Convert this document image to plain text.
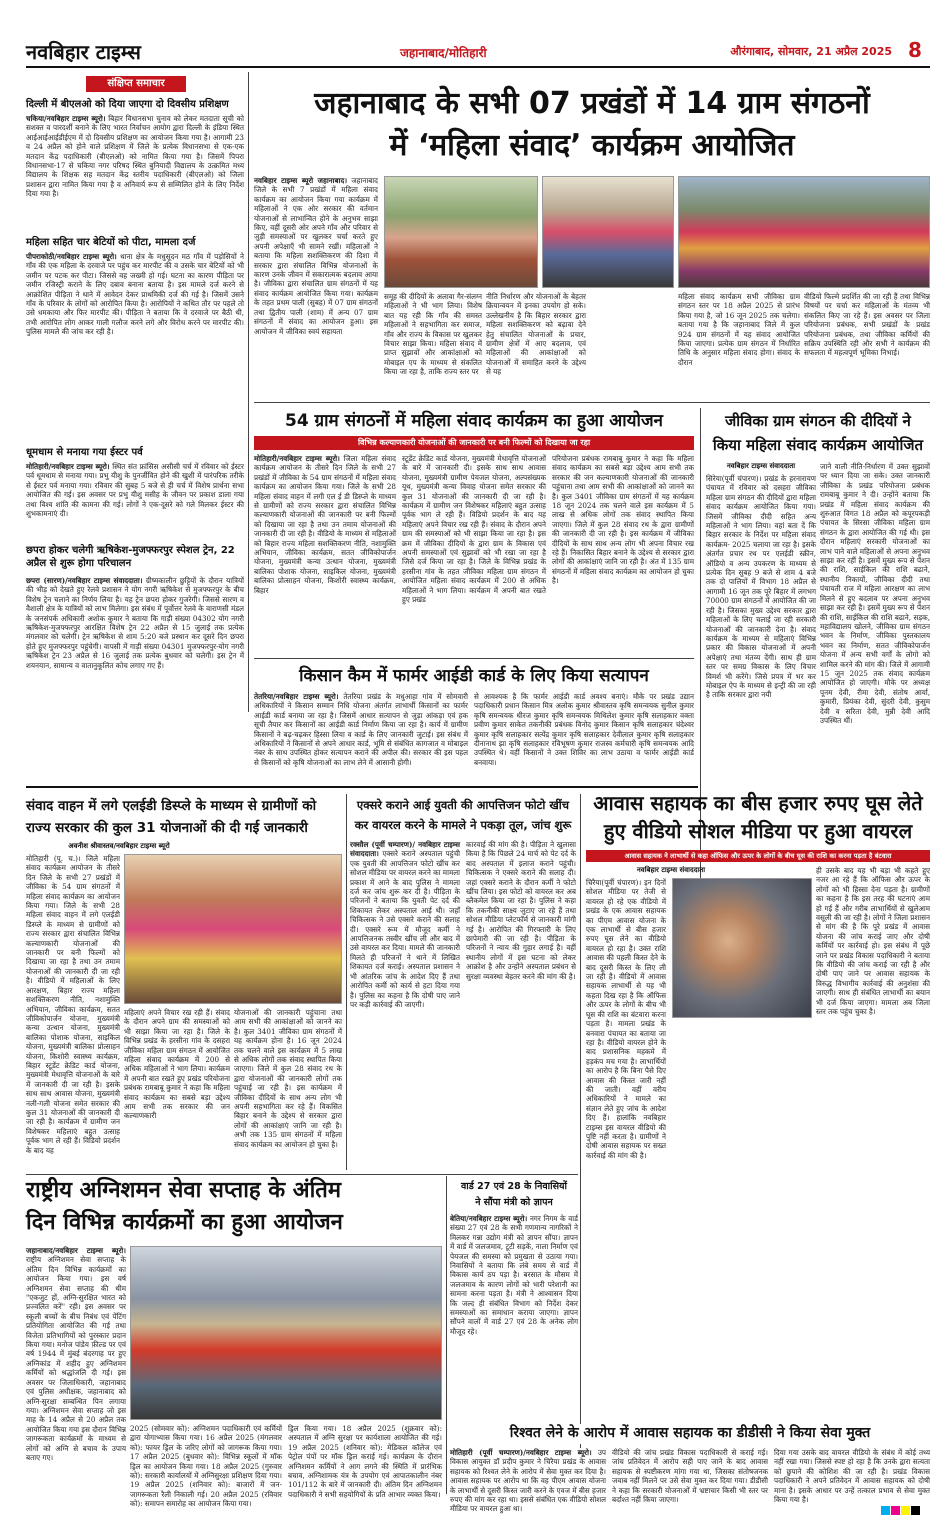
नवबिहार टाइम्स	जहानाबाद/मोतिहारी	औरंगाबाद, सोमवार, 21 अप्रैल 2025 8
संक्षिप्त समाचार
दिल्ली में बीएलओ को दिया जाएगा दो दिवसीय प्रशिक्षण
चकिया/नवबिहार टाइम्स ब्यूरो। बिहार विधानसभा चुनाव को लेकर मतदाता सूची को सशक्त व पारदर्शी बनाने के लिए भारत निर्वाचन आयोग द्वारा दिल्ली के इंडिया स्थित आईआईआईडीईएम में दो दिवसीय प्रशिक्षण का आयोजन किया गया है। आगामी 23 व 24 अप्रैल को होने वाले प्रशिक्षण में जिले के प्रत्येक विधानसभा से एक-एक मतदान केंद्र पदाधिकारी (बीएलओ) को नामित किया गया है। जिसमें पिपरा विधानसभा-17 से चकिया नगर परिषद स्थित बुनियादी विद्यालय के उत्क्रमित मध्य विद्यालय के शिक्षक सह मतदान केंद्र स्तरीय पदाधिकारी (बीएलओ) को जिला प्रशासन द्वारा नामित किया गया है व अनिवार्य रूप से सम्मिलित होने के लिए निर्देश दिया गया है।
महिला सहित चार बेटियों को पीटा, मामला दर्ज
पीपराकोठी/नवबिहार टाइम्स ब्यूरो। थाना क्षेत्र के मधुसूदन मठ गाँव में पड़ोसियों ने गाँव की एक महिला के दरवाजे पर पहुंच कर मारपीट की व उसके चार बेटियों को भी जमीन पर पटक कर पीटा। जिससे वह जख्मी हो गई। घटना का कारण पीड़िता पर जमीन रजिस्ट्री कराने के लिए दबाव बनाना बताया है। इस मामले दर्ज करने से आक्रोशित पीड़िता ने थाने में आवेदन देकर प्राथमिकी दर्ज की गई है। जिसमें उसने गाँव के परिवार के लोगों को आरोपित किया है। आरोपियों ने कथित तौर पर पहले तो उसे धमकाया और फिर मारपीट की। पीड़िता ने बताया कि वे दरवाजे पर बैठी थी, तभी आरोपित लोग आकर गाली गलौज करने लगे और विरोध करने पर मारपीट की। पुलिस मामले की जांच कर रही है।
धूमधाम से मनाया गया ईस्टर पर्व
मोतिहारी/नवबिहार टाइम्स ब्यूरो। स्थित संत फ्रांसिस असीसी चर्च में रविवार को ईस्टर पर्व धूमधाम से मनाया गया। प्रभु यीशु के पुनर्जीवित होने की खुशी में पारंपरिक तरीके से ईस्टर पर्व मनाया गया। रविवार की सुबह 5 बजे से ही चर्च में विशेष प्रार्थना सभा आयोजित की गई। इस अवसर पर प्रभु यीशु मसीह के जीवन पर प्रकाश डाला गया तथा विश्व शांति की कामना की गई। लोगों ने एक-दूसरे को गले मिलकर ईस्टर की शुभकामनाएं दी।
छपरा होकर चलेगी ऋषिकेश-मुजफ्फरपुर स्पेशल ट्रेन, 22 अप्रैल से शुरू होगा परिचालन
छपरा (सारण)/नवबिहार टाइम्स संवाददाता। ग्रीष्मकालीन छुट्टियों के दौरान यात्रियों की भीड़ को देखते हुए रेलवे प्रशासन ने योग नगरी ऋषिकेश से मुजफ्फरपुर के बीच विशेष ट्रेन चलाने का निर्णय लिया है। यह ट्रेन छपरा होकर गुजरेगी। जिससे सारण व वैशाली क्षेत्र के यात्रियों को लाभ मिलेगा। इस संबंध में पूर्वोत्तर रेलवे के वाराणसी मंडल के जनसंपर्क अधिकारी अशोक कुमार ने बताया कि गाड़ी संख्या 04302 योग नगरी ऋषिकेश-मुजफ्फरपुर आरक्षित विशेष ट्रेन 22 अप्रैल से 15 जुलाई तक प्रत्येक मंगलवार को चलेगी। ट्रेन ऋषिकेश से शाम 5:20 बजे प्रस्थान कर दूसरे दिन छपरा होते हुए मुजफ्फरपुर पहुंचेगी। वापसी में गाड़ी संख्या 04301 मुजफ्फरपुर-योग नगरी ऋषिकेश ट्रेन 23 अप्रैल से 16 जुलाई तक प्रत्येक बुधवार को चलेगी। इस ट्रेन में शयनयान, सामान्य व वातानुकूलित कोच लगाए गए हैं।
जहानाबाद के सभी 07 प्रखंडों में 14 ग्राम संगठनों
में ‘महिला संवाद’ कार्यक्रम आयोजित
नवबिहार टाइम्स ब्यूरो जहानाबाद। जहानाबाद जिले के सभी 7 प्रखंडों में महिला संवाद कार्यक्रम का आयोजन किया गया कार्यक्रम में महिलाओं ने एक ओर सरकार की वर्तमान योजनाओं से लाभान्वित होने के अनुभव साझा किए, वहीं दूसरी ओर अपने गाँव और परिवार से जुड़ी समस्याओं पर खुलकर चर्चा करते हुए अपनी अपेक्षाएँ भी सामने रखीं। महिलाओं ने बताया कि महिला सशक्तिकरण की दिशा में सरकार द्वारा संचालित विभिन्न योजनाओं के कारण उनके जीवन में सकारात्मक बदलाव आया है। जीविका द्वारा संचालित ग्राम संगठनों में यह संवाद कार्यक्रम आयोजित किया गया। कार्यक्रम के तहत प्रथम पाली (सुबह) में 07 ग्राम संगठनों तथा द्वितीय पाली (शाम) में अन्य 07 ग्राम संगठनों में संवाद का आयोजन हुआ। इस आयोजन में जीविका स्वयं सहायता
समूह की दीदियों के अलावा गैर-संलग्न महिलाओं ने भी भाग लिया। विशेष बात यह रही कि गाँव की समस्त महिलाओं ने सहभागिता कर समाज, गाँव और राज्य के विकास पर खुलकर विचार साझा किया। महिला संवाद में प्राप्त सुझावों और आकांक्षाओं को मोबाइल एप के माध्यम से संकलित किया जा रहा है, ताकि राज्य स्तर पर
नीति निर्धारण और योजनाओं के बेहतर क्रियान्वयन में इनका उपयोग हो सके। उल्लेखनीय है कि बिहार सरकार द्वारा महिला सशक्तिकरण को बढ़ावा देने हेतु संचालित योजनाओं के प्रचार, ग्रामीण क्षेत्रों में आए बदलाव, एवं महिलाओं की आकांक्षाओं को योजनाओं में समाहित करने के उद्देश्य से यह
महिला संवाद कार्यक्रम सभी जीविका ग्राम संगठन स्तर पर 18 अप्रैल 2025 से प्रारंभ किया गया है, जो 16 जून 2025 तक चलेगा। बताया गया है कि जहानाबाद जिले में कुल 924 ग्राम संगठनों में यह संवाद आयोजित किया जाएगा। प्रत्येक ग्राम संगठन में निर्धारित तिथि के अनुसार महिला संवाद होगा। संवाद के दौरान
वीडियो फिल्मे प्रदर्शित की जा रही हैं तथा विभिन्न विषयों पर चर्चा कर महिलाओं के मंतव्य भी संकलित किए जा रहे हैं। इस अवसर पर जिला परियोजना प्रबंधक, सभी प्रखंडों के प्रखंड परियोजना प्रबंधक, तथा जीविका कर्मियों की सक्रिय उपस्थिति रही और सभी ने कार्यक्रम की सफलता में महत्वपूर्ण भूमिका निभाई।
54 ग्राम संगठनों में महिला संवाद कार्यक्रम का हुआ आयोजन
विभिन्न कल्याणकारी योजनाओं की जानकारी पर बनी फिल्मों को दिखाया जा रहा
मोतिहारी/नवबिहार टाइम्स ब्यूरो। जिला महिला संवाद कार्यक्रम आयोजन के तीसरे दिन जिले के सभी 27 प्रखंडों में जीविका के 54 ग्राम संगठनों में महिला संवाद कार्यक्रम का आयोजन किया गया। जिले के सभी 28 महिला संवाद वाहन में लगी एल ई डी डिस्प्ले के माध्यम से ग्रामीणों को राज्य सरकार द्वारा संचालित विभिन्न कल्याणकारी योजनाओं की जानकारी पर बनी फिल्मों को दिखाया जा रहा है तथा उन तमाम योजनाओं की जानकारी दी जा रही है। वीडियो के माध्यम से महिलाओं को बिहार राज्य महिला सशक्तिकरण नीति, नशामुक्ति अभियान, जीविका कार्यक्रम, सतत जीविकोपार्जन योजना, मुख्यमंत्री कन्या उत्थान योजना, मुख्यमंत्री बालिका पोशाक योजना, साइकिल योजना, मुख्यमंत्री बालिका प्रोत्साहन योजना, किशोरी स्वास्थ्य कार्यक्रम, बिहार
स्टूडेंट क्रेडिट कार्ड योजना, मुख्यमंत्री मेधावृत्ति योजनाओं के बारे में जानकारी दी। इसके साथ साथ आवास योजना, मुख्यमंत्री ग्रामीण पेयजल योजना, अल्पसंख्यक यूथ, मुख्यमंत्री कन्या विवाह योजना समेत सरकार की कुल 31 योजनाओं की जानकारी दी जा रही है। कार्यक्रम में ग्रामीण जन विशेषकर महिलाएं बहुत उत्साह पूर्वक भाग ले रही हैं। विडियो प्रदर्शन के बाद यह महिलाएं अपने विचार रख रही हैं। संवाद के दौरान अपने ग्राम की समस्याओं को भी साझा किया जा रहा है। इस क्रम में जीविका दीदियों के द्वारा ग्राम के विकास एवं अपनी समस्याओं एवं सुझावों को भी रखा जा रहा है जिसे दर्ज किया जा रहा है। जिले के विभिन्न प्रखंड के हरसीना गांव के तहत जीविका महिला ग्राम संगठन में आयोजित महिला संवाद कार्यक्रम में 200 से अधिक महिलाओं ने भाग लिया। कार्यक्रम में अपनी बात रखते हुए प्रखंड
परियोजना प्रबंधक रामबाबू कुमार ने कहा कि महिला संवाद कार्यक्रम का सबसे बड़ा उद्देश्य आम सभी तक सरकार की जन कल्याणकारी योजनाओं की जानकारी पहुंचाना तथा आम सभी की आकांक्षाओं को जानने का है। कुल 3401 जीविका ग्राम संगठनों में यह कार्यक्रम 18 जून 2024 तक चलने वाले इस कार्यक्रम में 5 लाख से अधिक लोगों तक संवाद स्थापित किया जाएगा। जिले में कुल 28 संवाद रथ के द्वारा ग्रामीणों की जानकारी दी जा रही है। इस कार्यक्रम में जीविका दीदियों के साथ साथ अन्य लोग भी अपना विचार रख रहे हैं। निकासित बिहार बनाने के उद्देश्य से सरकार द्वारा लोगों की आकांक्षाएं जानि जा रही है। अंत में 135 ग्राम संगठनों में महिला संवाद कार्यक्रम का आयोजन हो चुका है।
जीविका ग्राम संगठन की दीदियों ने
किया महिला संवाद कार्यक्रम आयोजित
नवबिहार टाइम्स संवाददाता
सिरेया(पूर्वी चंपारण)। प्रखंड के हरनारायण पंचायत में रविवार को दसहरा जीविका महिला ग्राम संगठन की दीदियों द्वारा महिला संवाद कार्यक्रम आयोजित किया गया। जिसमें जीविका दीदी सहित अन्य महिलाओं ने भाग लिया। वहां बता दें कि बिहार सरकार के निर्देश पर महिला संवाद कार्यक्रम- 2025 चलाया जा रहा है। इसके अंतर्गत प्रचार रथ पर एलईडी स्क्रीन, ऑडियो व अन्य उपकरण के माध्यम से प्रत्येक दिन सुबह 9 बजे से शाम 4 बजे तक दो पालियों में विभाग 18 अप्रैल से आगामी 16 जून तक पूरे बिहार में लगभग 70000 ग्राम संगठनों में आयोजित की जा रही है। जिसका मुख्य उद्देश्य सरकार द्वारा महिलाओं के लिए चलाई जा रही सरकारी योजनाओं की जानकारी देना है। संवाद कार्यक्रम के माध्यम से महिलाएं विभिन्न प्रकार की विकास योजनाओं में अपनी अपेक्षाएं तथा मंतव्य देंगी। साथ ही ग्राम स्तर पर समग्र विकास के लिए विचार विमर्श भी करेंगे। जिसे प्रपत्र में भर कर मोबाइल ऐप के माध्यम से इन्ट्री की जा रही है ताकि सरकार द्वारा नयी
जाने वाली नीति-निर्धारण में उक्त सुझावों पर ध्यान दिया जा सके। उक्त जानकारी जीविका के प्रखंड परियोजना प्रबंधक रामबाबू कुमार ने दी। उन्होंने बताया कि प्रखंड में महिला संवाद कार्यक्रम की शुरुआत विगत 18 अप्रैल को कपूरपकड़ी पंचायत के सिरसा जीविका महिला ग्राम संगठन के द्वारा आयोजित की गई थी। इस दौरान महिलाएं सरकारी योजनाओं का लाभ पाने वाले महिलाओं से अपना अनुभव साझा कर रहीं है। इसमें मुख्य रूप से पेंशन की राशि, साईकिल की राशि बढाने, स्थानीय निकायों, जीविका दीदी तथा पंचायती राज में महिला आरक्षण का लाभ मिलने से हुए बदलाव पर अपना अनुभव साझा कर रही है। इसमें मुख्य रूप से पेंशन की राशि, साईकिल की राशि बढाने, सड़क, महाविद्यालय खोलने, जीविका ग्राम संगठन भवन के निर्माण, जीविका पुस्तकालय भवन का निर्माण, सतत जीविकोपार्जन योजना में अन्य सभी वर्गों के लोगो को शामिल करने की मांग की। जिले में आगामी 15 जून 2025 तक संवाद कार्यक्रम आयोजित हो जाएगी। मौके पर अध्यक्ष पूनम देवी, रीमा देवी, संतोष आर्या, कुमारी, प्रियंका देवी, सुंदरी देवी, कुसुम देवी व सरिता देवी, मुन्नी देवी आदि उपस्थित थीं।
किसान कैम में फार्मर आईडी कार्ड के लिए किया सत्यापन
तेतरिया/नवबिहार टाइम्स ब्यूरो। तेतरिया प्रखंड के मधुआहा गांव में सोमवारी अधिकारियों ने किसान सम्मान निधि योजना अंतर्गत लाभार्थी किसानों का फार्मर आईडी कार्ड बनाया जा रहा है। जिसमें आधार सत्यापन से जुड़ा आंकड़ा एवं हक सूची तैयार कर किसानों का आईडी कार्ड निर्माण किया जा रहा है। कार्य में ग्रामीण किसानों ने बढ़-चढ़कर हिस्सा लिया व कार्ड के लिए जानकारी जुटाई। इस संबंध में अधिकारियों ने किसानों से अपने आधार कार्ड, भूमि से संबंधित कागजात व मोबाइल नंबर के साथ उपस्थित होकर सत्यापन कराने की अपील की। सरकार की इस पहल से किसानों को कृषि योजनाओं का लाभ लेने में आसानी होगी।
से आवश्यक है कि फार्मर आईडी कार्ड अवश्य बनाएं। मौके पर प्रखंड उद्यान पदाधिकारी प्रधान किसान मित्र अलोक कुमार श्रीवास्तव कृषि समन्वयक सुनील कुमार कृषि समन्वयक धीरज कुमार कृषि समन्वयक मिथिलेश कुमार कृषि सलाहकार वक्ता प्रवीण कुमार साकेत तकनीकी प्रबंधक विनोद कुमार किसान कृषि सलाहकार चंदेश्वर कुमार कृषि सलाहकार सत्येंद्र कुमार कृषि सलाहकार देवीलाल कुमार कृषि सलाहकार दीनानाथ झा कृषि सलाहकार रविभूषण कुमार राजस्व कर्मचारी कृषि समन्वयक आदि उपस्थित थे। वहीं किसानों ने उक्त शिविर का लाभ उठाया व फार्मर आईडी कार्ड बनवाया।
संवाद वाहन में लगे एलईडी डिस्प्ले के माध्यम से ग्रामीणों को
राज्य सरकार की कुल 31 योजनाओं की दी गई जानकारी
अवनीश श्रीवास्तव/नवबिहार टाइम्स ब्यूरो
मोतिहारी (पू. च.)। जिले महिला संवाद कार्यक्रम आयोजन के तीसरे दिन जिले के सभी 27 प्रखंडों में जीविका के 54 ग्राम संगठनों में महिला संवाद कार्यक्रम का आयोजन किया गया। जिले के सभी 28 महिला संवाद वाहन में लगे एलईडी डिस्प्ले के माध्यम से ग्रामीणों को राज्य सरकार द्वारा संचालित विभिन्न कल्याणकारी योजनाओं की जानकारी पर बनी फिल्मों को दिखाया जा रहा है तथा उन तमाम योजनाओं की जानकारी दी जा रही है। वीडियो में महिलाओं के लिए आरक्षण, बिहार राज्य महिला सशक्तिकरण नीति, नशामुक्ति अभियान, जीविका कार्यक्रम, सतत जीविकोपार्जन योजना, मुख्यमंत्री कन्या उत्थान योजना, मुख्यमंत्री बालिका पोशाक योजना, साइकिल योजना, मुख्यमंत्री बालिका प्रोत्साहन योजना, किशोरी स्वास्थ्य कार्यक्रम, बिहार स्टूडेंट क्रेडिट कार्ड योजना, मुख्यमंत्री मेधावृत्ति योजनाओं के बारे में जानकारी दी जा रही है। इसके साथ साथ आवास योजना, मुख्यमंत्री नली-गली योजना समेत सरकार की कुल 31 योजनाओं की जानकारी दी जा रही है। कार्यक्रम में ग्रामीण जन विशेषकर महिलाएं बहुत उत्साह पूर्वक भाग ले रही हैं। विडियो प्रदर्शन के बाद यह
महिलाएं अपने विचार रख रही हैं। संवाद के दौरान अपने ग्राम की समस्याओं को भी साझा किया जा रहा है। जिले के विभिन्न प्रखंड के हरसीना गांव के दसहरा जीविका महिला ग्राम संगठन में आयोजित महिला संवाद कार्यक्रम में 200 से अधिक महिलाओं ने भाग लिया। कार्यक्रम में अपनी बात रखते हुए प्रखंड परियोजना प्रबंधक रामबाबू कुमार ने कहा कि महिला संवाद कार्यक्रम का सबसे बड़ा उद्देश्य आम सभी तक सरकार की जन कल्याणकारी
योजनाओं की जानकारी पहुंचाना तथा आम सभी की आकांक्षाओं को जानने का है। कुल 3401 जीविका ग्राम संगठनों में यह कार्यक्रम होना है। 16 जून 2024 तक चलने वाले इस कार्यक्रम में 5 लाख से अधिक लोगों तक संवाद स्थापित किया जाएगा। जिले में कुल 28 संवाद रथ के द्वारा योजनाओं की जानकारी लोगों तक पहुंचाई जा रही है। इस कार्यक्रम में जीविका दीदियों के साथ अन्य लोग भी अपनी सहभागिता कर रहे हैं। विकसित बिहार बनाने के उद्देश्य से सरकार द्वारा लोगों की आकांक्षाएं जानि जा रही है। अभी तक 135 ग्राम संगठनों में महिला संवाद कार्यक्रम का आयोजन हो चुका है।
एक्सरे कराने आई युवती की आपत्तिजन फोटो खींच
कर वायरल करने के मामले ने पकड़ा तूल, जांच शुरू
रक्सौल (पूर्वी चम्पारण)/ नवबिहार टाइम्स संवाददाता। एक्सरे कराने अस्पताल पहुंची एक युवती की आपत्तिजन फोटो खींच कर सोशल मीडिया पर वायरल करने का मामला प्रकाश में आने के बाद पुलिस ने मामला दर्ज कर जांच शुरू कर दी है। पीड़िता के परिजनों ने बताया कि युवती पेट दर्द की शिकायत लेकर अस्पताल आई थी। जहाँ चिकित्सक ने उसे एक्सरे कराने की सलाह दी। एक्सरे रूम में मौजूद कर्मी ने आपत्तिजनक तस्वीर खींच ली और बाद में उसे वायरल कर दिया। मामले की जानकारी मिलते ही परिजनों ने थाने में लिखित शिकायत दर्ज कराई। अस्पताल प्रशासन ने भी आंतरिक जांच के आदेश दिए हैं तथा आरोपित कर्मी को कार्य से हटा दिया गया है। पुलिस का कहना है कि दोषी पाए जाने पर कड़ी कार्रवाई की जाएगी।
कारवाई की मांग की है। पीड़िता ने खुलासा किया है कि पिछले 24 मार्च को पेट दर्द के बाद अस्पताल में इलाज कराने पहुंची। चिकित्सक ने एक्सरे कराने की सलाह दी। जहां एक्सरे कराने के दौरान कर्मी ने फोटो खींच लिया। इस फोटो को वायरल कर अब ब्लैकमेल किया जा रहा है। पुलिस ने कहा कि तकनीकी साक्ष्य जुटाए जा रहे हैं तथा सोशल मीडिया प्लेटफॉर्म से जानकारी मांगी गई है। आरोपित की गिरफ्तारी के लिए छापेमारी की जा रही है। पीड़िता के परिजनों ने न्याय की गुहार लगाई है। वहीं स्थानीय लोगों में इस घटना को लेकर आक्रोश है और उन्होंने अस्पताल प्रबंधन से सुरक्षा व्यवस्था बेहतर करने की मांग की है।
आवास सहायक का बीस हजार रुपए घूस लेते
हुए वीडियो सोशल मीडिया पर हुआ वायरल
आवास सहायक ने लाभार्थी से कहा ऑफिस और ऊपर के लोगों के बीच घूस की राशि का करना पड़ता है बंटवारा
नवबिहार टाइम्स संवाददाता
चिरैया(पूर्वी चंपारण)। इन दिनों सोशल मीडिया पर तेजी से वायरल हो रहे एक वीडियो में प्रखंड के एक आवास सहायक का पीएम आवास योजना के एक लाभार्थी से बीस हजार रुपए घूस लेने का वीडियो वायरल हो रहा है। उक्त राशि आवास की पहली किस्त देने के बाद दूसरी किस्त के लिए ली जा रही है। वीडियो में आवास सहायक लाभार्थी से यह भी कहता दिख रहा है कि ऑफिस और ऊपर के लोगों के बीच भी घूस की राशि का बंटवारा करना पड़ता है। मामला प्रखंड के बनवारा पंचायत का बताया जा रहा है। वीडियो वायरल होने के बाद प्रशासनिक महकमे में हड़कंप मच गया है। लाभार्थियों का आरोप है कि बिना पैसे दिए आवास की किस्त जारी नहीं की जाती। वहीं वरीय अधिकारियों ने मामले का संज्ञान लेते हुए जांच के आदेश दिए हैं। हालांकि नवबिहार टाइम्स इस वायरल वीडियो की पुष्टि नहीं करता है। ग्रामीणों ने दोषी आवास सहायक पर सख्त कार्रवाई की मांग की है।
ही उसके बाद यह भी बड़ा भी कहते हुए नजर आ रहे हैं कि ऑफिस और ऊपर के लोगों को भी हिस्सा देना पड़ता है। ग्रामीणों का कहना है कि इस तरह की घटनाएं आम हो गई हैं और गरीब लाभार्थियों से खुलेआम वसूली की जा रही है। लोगों ने जिला प्रशासन से मांग की है कि पूरे प्रखंड में आवास योजना की जांच कराई जाए और दोषी कर्मियों पर कार्रवाई हो। इस संबंध में पूछे जाने पर प्रखंड विकास पदाधिकारी ने बताया कि वीडियो की जांच कराई जा रही है और दोषी पाए जाने पर आवास सहायक के विरुद्ध विभागीय कार्रवाई की अनुशंसा की जाएगी। साथ ही संबंधित लाभार्थी का बयान भी दर्ज किया जाएगा। मामला अब जिला स्तर तक पहुंच चुका है।
राष्ट्रीय अग्निशमन सेवा सप्ताह के अंतिम
दिन विभिन्न कार्यक्रमों का हुआ आयोजन
जहानाबाद/नवबिहार टाइम्स ब्यूरो। राष्ट्रीय अग्निशमन सेवा सप्ताह के अंतिम दिन विभिन्न कार्यक्रमों का आयोजन किया गया। इस वर्ष अग्निशमन सेवा सप्ताह की थीम "एकजुट हों, अग्नि-सुरक्षित भारत को प्रज्वलित करें" रही। इस अवसर पर स्कूली बच्चों के बीच निबंध एवं पेंटिंग प्रतियोगिता आयोजित की गई तथा विजेता प्रतिभागियों को पुरस्कार प्रदान किया गया। मनोज पांडेय फ़ील्ड पर एवं वर्ष 1944 में मुंबई बंदरगाह पर हुए अग्निकांड में शहीद हुए अग्निशमन कर्मियों को श्रद्धांजलि दी गई। इस अवसर पर जिलाधिकारी, जहानाबाद एवं पुलिस अधीक्षक, जहानाबाद को अग्नि-सुरक्षा सम्बन्धित पिन लगाया गया। अग्निशमन सेवा सप्ताह जो इस माह के 14 अप्रैल से 20 अप्रैल तक आयोजित किया गया इस दौरान विभिन्न जागरूकता कार्यक्रमों के माध्यम से लोगों को अग्नि से बचाव के उपाय बताए गए।
2025 (सोमवार को): अग्निशमन पदाधिकारी एवं कर्मियों द्वारा योगाभ्यास किया गया। 16 अप्रैल 2025 (मंगलवार को): फायर ड्रिल के जरिए लोगों को जागरूक किया गया। 17 अप्रैल 2025 (बुधवार को): विभिन्न स्कूलों में मॉक ड्रिल का आयोजन किया गया। 18 अप्रैल 2025 (गुरुवार को): सरकारी कार्यालयों में अग्निसुरक्षा प्रशिक्षण दिया गया। 19 अप्रैल 2025 (शनिवार को): बाजारों में जन-जागरूकता रैली निकाली गई। 20 अप्रैल 2025 (रविवार को): समापन समारोह का आयोजन किया गया।
ड्रिल किया गया। 18 अप्रैल 2025 (शुक्रवार को): अस्पताल में अग्नि सुरक्षा पर कार्यशाला आयोजित की गई। 19 अप्रैल 2025 (शनिवार को): मेडिकल कॉलेज एवं पेट्रोल पंपों पर मॉक ड्रिल कराई गई। कार्यक्रम के दौरान अग्निशमन कर्मियों ने आग लगने की स्थिति में प्रारंभिक बचाव, अग्निशामक यंत्र के उपयोग एवं आपातकालीन नंबर 101/112 के बारे में जानकारी दी। अंतिम दिन अग्निशमन पदाधिकारी ने सभी सहयोगियों के प्रति आभार व्यक्त किया।
वार्ड 27 एवं 28 के निवासियों
ने सौंपा मंत्री को ज्ञापन
बेतिया/नवबिहार टाइम्स ब्यूरो। नगर निगम के वार्ड संख्या 27 एवं 28 के सभी गणमान्य नागरिकों ने मिलकर गन्ना उद्योग मंत्री को ज्ञापन सौंपा। ज्ञापन में वार्ड में जलजमाव, टूटी सड़कें, नाला निर्माण एवं पेयजल की समस्या को प्रमुखता से उठाया गया। निवासियों ने बताया कि लंबे समय से वार्ड में विकास कार्य ठप पड़ा है। बरसात के मौसम में जलजमाव के कारण लोगों को भारी परेशानी का सामना करना पड़ता है। मंत्री ने आश्वासन दिया कि जल्द ही संबंधित विभाग को निर्देश देकर समस्याओं का समाधान कराया जाएगा। ज्ञापन सौंपने वालों में वार्ड 27 एवं 28 के अनेक लोग मौजूद रहे।
रिश्वत लेने के आरोप में आवास सहायक का डीडीसी ने किया सेवा मुक्त
मोतिहारी (पूर्वी चम्पारण)/नवबिहार टाइम्स ब्यूरो। उप विकास आयुक्त डॉ प्रदीप कुमार ने चिरैया प्रखंड के आवास सहायक को रिश्वत लेने के आरोप में सेवा मुक्त कर दिया है। आवास सहायक पर आरोप था कि वह पीएम आवास योजना के लाभार्थी से दूसरी किस्त जारी करने के एवज में बीस हजार रुपए की मांग कर रहा था। इससे संबंधित एक वीडियो सोशल मीडिया पर वायरल हुआ था।
वीडियो की जांच प्रखंड विकास पदाधिकारी से कराई गई। जांच प्रतिवेदन में आरोप सही पाए जाने के बाद आवास सहायक से स्पष्टीकरण मांगा गया था, जिसका संतोषजनक जवाब नहीं मिलने पर उसे सेवा मुक्त कर दिया गया। डीडीसी ने कहा कि सरकारी योजनाओं में भ्रष्टाचार किसी भी स्तर पर बर्दाश्त नहीं किया जाएगा।
दिया गया उसके बाद वायरल वीडियो के संबंध में कोई तथ्य नहीं रखा गया। जिससे स्पष्ट हो रहा है कि उनके द्वारा सत्यता को छुपाने की कोशिश की जा रही है। प्रखंड विकास पदाधिकारी ने अपने प्रतिवेदन में आवास सहायक को दोषी माना है। इसके आधार पर उन्हें तत्काल प्रभाव से सेवा मुक्त किया गया है।
